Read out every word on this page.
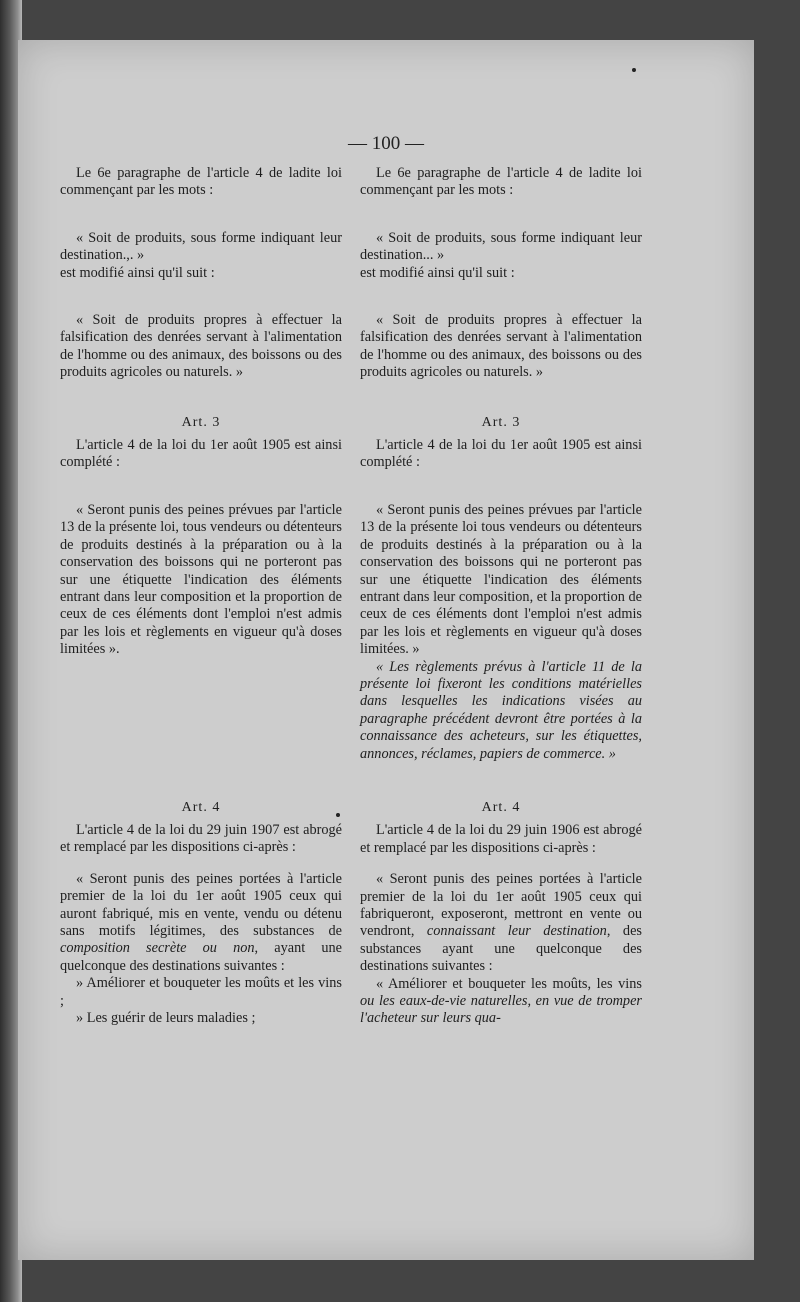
— 100 —

Le 6e paragraphe de l'article 4 de ladite loi commençant par les mots :

« Soit de produits, sous forme indiquant leur destination.,. »

est modifié ainsi qu'il suit :

« Soit de produits propres à effectuer la falsification des denrées servant à l'alimentation de l'homme ou des animaux, des boissons ou des produits agricoles ou naturels. »

Art. 3

L'article 4 de la loi du 1er août 1905 est ainsi complété :

« Seront punis des peines prévues par l'article 13 de la présente loi, tous vendeurs ou détenteurs de produits destinés à la préparation ou à la conservation des boissons qui ne porteront pas sur une étiquette l'indication des éléments entrant dans leur composition et la proportion de ceux de ces éléments dont l'emploi n'est admis par les lois et règlements en vigueur qu'à doses limitées ».

Art. 4

L'article 4 de la loi du 29 juin 1907 est abrogé et remplacé par les dispositions ci-après :

« Seront punis des peines portées à l'article premier de la loi du 1er août 1905 ceux qui auront fabriqué, mis en vente, vendu ou détenu sans motifs légitimes, des substances de composition secrète ou non, ayant une quelconque des destinations suivantes :

» Améliorer et bouqueter les moûts et les vins ;

» Les guérir de leurs maladies ;

Le 6e paragraphe de l'article 4 de ladite loi commençant par les mots :

« Soit de produits, sous forme indiquant leur destination... »

est modifié ainsi qu'il suit :

« Soit de produits propres à effectuer la falsification des denrées servant à l'alimentation de l'homme ou des animaux, des boissons ou des produits agricoles ou naturels. »

Art. 3

L'article 4 de la loi du 1er août 1905 est ainsi complété :

« Seront punis des peines prévues par l'article 13 de la présente loi tous vendeurs ou détenteurs de produits destinés à la préparation ou à la conservation des boissons qui ne porteront pas sur une étiquette l'indication des éléments entrant dans leur composition, et la proportion de ceux de ces éléments dont l'emploi n'est admis par les lois et règlements en vigueur qu'à doses limitées. »

« Les règlements prévus à l'article 11 de la présente loi fixeront les conditions matérielles dans lesquelles les indications visées au paragraphe précédent devront être portées à la connaissance des acheteurs, sur les étiquettes, annonces, réclames, papiers de commerce. »

Art. 4

L'article 4 de la loi du 29 juin 1906 est abrogé et remplacé par les dispositions ci-après :

« Seront punis des peines portées à l'article premier de la loi du 1er août 1905 ceux qui fabriqueront, exposeront, mettront en vente ou vendront, connaissant leur destination, des substances ayant une quelconque des destinations suivantes :

« Améliorer et bouqueter les moûts, les vins ou les eaux-de-vie naturelles, en vue de tromper l'acheteur sur leurs qua-
